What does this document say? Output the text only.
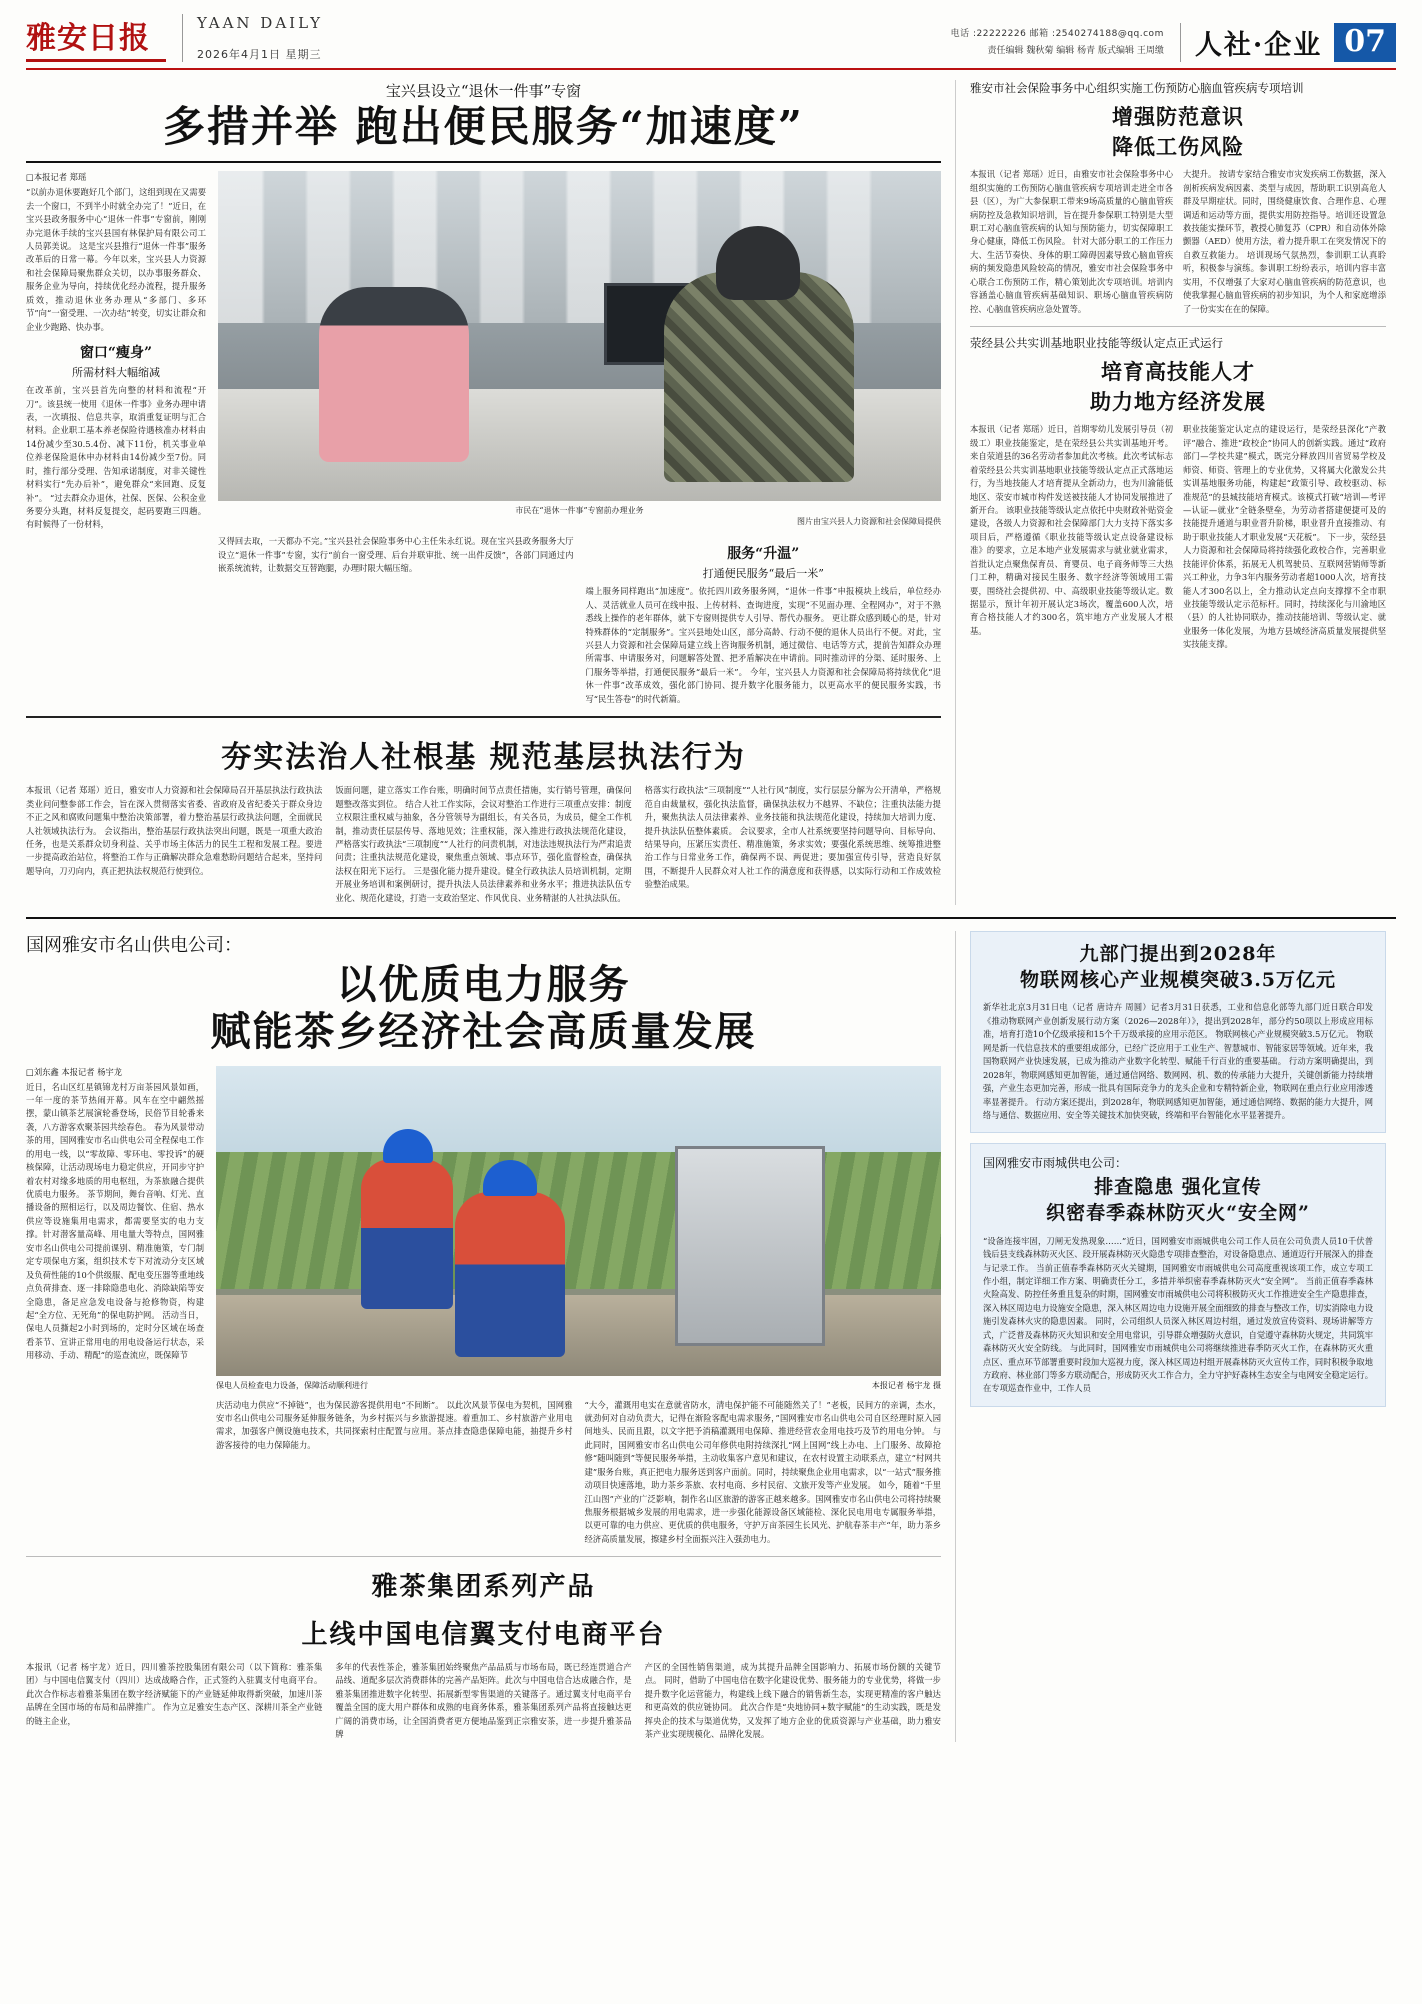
雅安日报	YAAN DAILY
2026年4月1日 星期三
电话 :22222226 邮箱 :2540274188@qq.com
责任编辑 魏秋菊 编辑 杨青 版式编辑 王周缴 人社·企业 07
宝兴县设立“退休一件事”专窗
多措并举 跑出便民服务“加速度”
□本报记者 郑瑶
“以前办退休要跑好几个部门，这组到现在又需要去一个窗口，不到半小时就全办完了！”近日，在宝兴县政务服务中心“退休一件事”专窗前，刚刚办完退休手续的宝兴县国有林保护局有限公司工人员郭美说。 这是宝兴县推行“退休一件事”服务改革后的日常一幕。今年以来，宝兴县人力资源和社会保障局聚焦群众关切，以办事服务群众、服务企业为导向，持续优化经办流程，提升服务质效，推动退休业务办理从“多部门、多环节”向“一窗受理、一次办结”转变，切实让群众和企业少跑路、快办事。
窗口“瘦身”
所需材料大幅缩减
在改革前，宝兴县首先向整的材料和流程“开刀”。该县统一使用《退休一件事》业务办理申请表，一次填报、信息共享，取消重复证明与汇合材料。企业职工基本养老保险待遇核准办材料由14份减少至30.5.4份、减下11份，机关事业单位养老保险退休申办材料由14份减少至7份。同时，推行部分受理、告知承诺制度，对非关键性材料实行“先办后补”，避免群众“来回跑、反复补”。 “过去群众办退休，社保、医保、公积金业务要分头跑，材料反复提交，起码要跑三四趟。有时候得了一份材料，
市民在“退休一件事”专窗前办理业务
图片由宝兴县人力资源和社会保障局提供
又得回去取，一天都办不完。”宝兴县社会保险事务中心主任朱永红说。现在宝兴县政务服务大厅设立“退休一件事”专窗，实行“前台一窗受理、后台并联审批、统一出件反馈”，各部门同通过内嵌系统流转，让数据交互替跑腿，办理时限大幅压缩。
服务“升温”
打通便民服务“最后一米”
端上服务同样跑出“加速度”。依托四川政务服务网，“退休一件事”申报模块上线后，单位经办人、灵活就业人员可在线申报、上传材料、查询进度，实现“不见面办理、全程网办”，对于不熟悉线上操作的老年群体，就下专窗则提供专人引导、帮代办服务。 更让群众感到暖心的是，针对特殊群体的“定制服务”。宝兴县地处山区，部分高龄、行动不便的退休人员出行不便。对此，宝兴县人力资源和社会保障局建立线上咨询服务机制，通过微信、电话等方式，提前告知群众办理所需事、申请服务对，问题解答处置、把矛盾解决在申请前。同时推动评的分渠、延时服务、上门服务等举措，打通便民服务“最后一米”。 今年，宝兴县人力资源和社会保障局将持续优化“退休一件事”改革成效，强化部门协同、提升数字化服务能力，以更高水平的便民服务实践，书写“民生答卷”的时代新篇。
夯实法治人社根基 规范基层执法行为
本报讯（记者 郑瑶）近日，雅安市人力资源和社会保障局召开基层执法行政执法类业问问整参部工作会，旨在深入贯彻落实省委、省政府及省纪委关于群众身边不正之风和腐败问题集中整治决策部署，着力整治基层行政执法问题，全面就民人社领域执法行为。 会议指出，整治基层行政执法突出问题，既是一项重大政治任务，也是关系群众切身利益、关乎市场主体活力的民生工程和发展工程。要进一步提高政治站位，将整治工作与正确解决群众急难愁盼问题结合起来，坚持问题导向，刀刃向内，真正把执法权规范行使到位。
饭面问题，建立落实工作台账，明确时间节点责任措施，实行销号管理，确保问题整改落实到位。 结合人社工作实际，会议对整治工作进行三项重点安排：制度立权限注重权威与抽象，各分管领导为副组长，有关各员，为成员，健全工作机制，推动责任层层传导、落地见效；注重权能，深入推进行政执法规范化建设，严格落实行政执法“三项制度”“人社行的问责机制，对违法违规执法行为严肃追责问责；注重执法规范化建设，聚焦重点领域、事点环节，强化监督检查，确保执法权在阳光下运行。 三是强化能力提升建设。健全行政执法人员培训机制，定期开展业务培训和案例研讨，提升执法人员法律素养和业务水平；推进执法队伍专业化、规范化建设，打造一支政治坚定、作风优良、业务精湛的人社执法队伍。
格落实行政执法“三项制度”“人社行风”制度，实行层层分解为公开清单，严格规范自由裁量权，强化执法监督，确保执法权力不越界、不缺位；注重执法能力提升，聚焦执法人员法律素养、业务技能和执法规范化建设，持续加大培训力度、提升执法队伍整体素质。 会议要求，全市人社系统要坚持问题导向、目标导向、结果导向，压紧压实责任、精准施策，务求实效；要强化系统思维、统筹推进整治工作与日常业务工作，确保两不误、两促进；要加强宣传引导，营造良好氛围，不断提升人民群众对人社工作的满意度和获得感，以实际行动和工作成效检验整治成果。
雅安市社会保险事务中心组织实施工伤预防心脑血管疾病专项培训
增强防范意识
降低工伤风险
本报讯（记者 郑瑶）近日，由雅安市社会保险事务中心组织实施的工伤预防心脑血管疾病专项培训走进全市各县（区），为广大参保职工带来9场高质量的心脑血管疾病防控及急救知识培训，旨在提升参保职工特别是大型职工对心脑血管疾病的认知与预防能力，切实保障职工身心健康，降低工伤风险。 针对大部分职工的工作压力大、生活节奏快、身体的职工障碍因素导致心脑血管疾病的频发隐患风险较高的情况，雅安市社会保险事务中心联合工伤预防工作，精心策划此次专项培训。培训内容涵盖心脑血管疾病基础知识、职场心脑血管疾病防控、心脑血管疾病应急处置等。
大提升。 按请专家结合雅安市灾发疾病工伤数据，深入剖析疾病发病因素、类型与成因，帮助职工识别高危人群及早期症状。同时，围绕健康饮食、合理作息、心理调适和运动等方面，提供实用防控指导。培训还设置急救技能实操环节，教授心肺复苏（CPR）和自动体外除颤器（AED）使用方法，着力提升职工在突发情况下的自救互救能力。 培训现场气氛热烈，参训职工认真聆听，积极参与演练。参训职工纷纷表示，培训内容丰富实用，不仅增强了大家对心脑血管疾病的防范意识，也使我掌握心脑血管疾病的初步知识，为个人和家庭增添了一份实实在在的保障。
荥经县公共实训基地职业技能等级认定点正式运行
培育高技能人才
助力地方经济发展
本报讯（记者 郑瑶）近日，首期零幼儿发展引导员（初级工）职业技能鉴定，是在荥经县公共实训基地开考。来自荥道县的36名劳动者参加此次考核。此次考试标志着荥经县公共实训基地职业技能等级认定点正式落地运行，为当地技能人才培育提从全新动力，也为川渝能低地区、荥安市城市构件发送被技能人才协同发展推进了新开台。 该职业技能等级认定点依托中央财政补贴资金建设，各级人力资源和社会保障部门大力支持下落实多项目后，严格遵循《职业技能等级认定点设备建设标准》的要求，立足本地产业发展需求与就业就业需求，首批认定点聚焦保育员、育婴员、电子商务师等三大热门工种，精确对接民生服务、数字经济等领域用工需要，围绕社会提供初、中、高级职业技能等级认定。数据显示，预计年初开展认定3场次，覆盖600人次，培育合格技能人才约300名，筑牢地方产业发展人才根基。
职业技能鉴定认定点的建设运行，是荥经县深化“产教评”融合、推进“政校企”协同人的创新实践。通过“政府部门—学校共建”模式，既完分释放四川省贸易学校及师资、师资、管理上的专业优势，又将属大化激发公共实训基地服务功能，构建起“政策引导、政校驱动、标准规范”的县城技能培育模式。该模式打破“培训—考评—认证—就业”全链条壁垒，为劳动者搭建便捷可及的技能提升通道与职业晋升阶梯，职业晋升直接推动、有助于职业技能人才职业发展“天花板”。 下一步，荥经县人力资源和社会保障局将持续强化政校合作，完善职业技能评价体系，拓展无人机驾驶员、互联网营销师等新兴工种业，力争3年内服务劳动者超1000人次，培育技能人才300名以上，全力推动认定点向支撑撑不全市职业技能等级认定示范标杆。同时，持续深化与川渝地区（县）的人社协同联办，推动技能培训、等级认定、就业服务一体化发展，为地方县域经济高质量发展提供坚实技能支撑。
国网雅安市名山供电公司：
以优质电力服务
赋能茶乡经济社会高质量发展
□刘东鑫 本报记者 杨宇龙
近日，名山区红星镇锦龙村万亩茶园风景如画，一年一度的茶节热闹开幕。风车在空中翩然摇摆，蒙山镇茶艺展演轮番登场，民俗节目轮番来袭，八方游客欢聚茶园共绘春色。 春为风景带动茶的用，国网雅安市名山供电公司全程保电工作的用电一线，以“零故障、零环电、零投诉”的硬核保障，让活动现场电力稳定供应，开同步守护着农村对缘多地质的用电枢纽，为茶旅融合提供优质电力服务。 茶节期间，舞台音响、灯光、直播设备的照相运行，以及周边餐饮、住宿、热水供应等设施集用电需求，都需要坚实的电力支撑。针对潜客量高峰、用电量大等特点，国网雅安市名山供电公司提前课别、精准施策，专门制定专项保电方案，组织技术专下对流动分支区域及负荷性能的10个供级服、配电变压器等重地线点负荷排查、逐一排除隐患电化、消除缺陷等安全隐患，备足应急发电设备与抢修物资，构建起“全方位、无死角”的保电防护网。 活动当日，保电人员撕起2小时到场的，定时分区域在场查看茶节、宣讲正常用电的用电设备运行状态，采用移动、手动、精配“的巡查流应，既保障节
保电人员检查电力设备，保障活动顺利进行	本报记者 杨宇龙 摄
庆活动电力供应“不掉链”，也为保民游客提供用电“不间断”。 以此次风景节保电为契机，国网雅安市名山供电公司服务延伸服务链条，为乡村振兴与乡旅游提速。着重加工、乡村旅游产业用电需求，加强客户侧设施电技术，共同探索村庄配置与应用。茶点排查隐患保障电能，抽提升乡村游客接待的电力保障能力。
“大今，灌溉用电实在意就省防水，清电保护能不可能随然关了！”老板，民间方的亲调，杰水，就劲何对自动负责大，记得在渐险客配电需求服务，”国网雅安市名山供电公司自区经理时原入园间地头、民而且跟，以文字把予消稿灌溉用电保障、推进经营农金用电技巧及节约用电分钟。 与此同时，国网雅安市名山供电公司年修供电附持续深扎“网上国网”线上办电、上门服务、故障抢修“随叫随到”等便民服务举措，主动收集客户意见和建议，在农村设置主动联系点，建立“村网共建”服务台账，真正把电力服务送到客户面前。同时，持续聚焦企业用电需求，以“一站式”服务推动项目快速落地，助力茶乡茶旅、农村电商、乡村民宿、文旅开发等产业发展。 如今，随着“千里江山图”产业的广泛影响，制作名山区旅游的游客正越来越多。国网雅安市名山供电公司将持续聚焦服务根据城乡发展的用电需求，进一步强化能源设备区域能检、深化民电用电专属服务举措，以更可靠的电力供应、更优质的供电服务，守护万亩茶园生长风光、护航春茶丰产“年，助力茶乡经济高质量发展，擦建乡村全面振兴注入强劲电力。
雅茶集团系列产品
上线中国电信翼支付电商平台
本报讯（记者 杨宇龙）近日，四川雅茶控股集团有限公司（以下简称：雅茶集团）与中国电信翼支付（四川）达成战略合作，正式签约入驻翼支付电商平台。此次合作标志着雅茶集团在数字经济赋能下的产业链延伸取得新突破，加速川茶品牌在全国市场的布局和品牌推广。 作为立足雅安生态产区、深耕川茶全产业链的链主企业，
多年的代表性茶企，雅茶集团始终聚焦产品品质与市场布局，既已经连贯道合产品线、道配多层次消费群体的完善产品矩阵。此次与中国电信合达成融合作，是雅茶集团推进数字化转型、拓展新型零售渠道的关键落子。通过翼支付电商平台覆盖全国的庞大用户群体和成熟的电商务体系，雅茶集团系列产品将直接触达更广阔的消费市场，让全国消费者更方便地品鉴到正宗雅安茶，进一步提升雅茶品牌
产区的全国性销售渠道，成为其提升品牌全国影响力、拓展市场份额的关键节点。 同时，借助了中国电信在数字化建设优势、服务能力的专业优势，将做一步提升数字化运营能力，构建线上线下融合的销售新生态，实现更精准的客户触达和更高效的供应链协同。 此次合作是“央地协同+数字赋能”的生动实践，既是发挥央企的技术与渠道优势，又发挥了地方企业的优质资源与产业基础，助力雅安茶产业实现规模化、品牌化发展。
九部门提出到2028年
物联网核心产业规模突破3.5万亿元
新华社北京3月31日电（记者 唐诗卉 周圆）记者3月31日获悉，工业和信息化部等九部门近日联合印发《推动物联网产业创新发展行动方案（2026—2028年）》，提出到2028年，部分约50项以上形成应用标准，培育打造10个亿级承接和15个千万级承接的应用示范区。 物联网核心产业规模突破3.5万亿元。 物联网是新一代信息技术的重要组成部分，已经广泛应用于工业生产、智慧城市、智能家居等领域。近年来，我国物联网产业快速发展，已成为推动产业数字化转型、赋能千行百业的重要基础。 行动方案明确提出，到2028年，物联网感知更加智能，通过通信网络、数网网、机、数的传承能力大提升，关键创新能力持续增强，产业生态更加完善，形成一批具有国际竞争力的龙头企业和专精特新企业，物联网在重点行业应用渗透率显著提升。 行动方案还提出，到2028年，物联网感知更加智能，通过通信网络、数据的能力大提升，网络与通信、数据应用、安全等关键技术加快突破，终端和平台智能化水平显著提升。
国网雅安市雨城供电公司：
排查隐患 强化宣传
织密春季森林防灭火“安全网”
“设备连接牢固，刀闸无发热现象……”近日，国网雅安市雨城供电公司工作人员在公司负责人员10千伏普钱后县支线森林防灭火区、段开展森林防灭火隐患专项排查整治，对设备隐患点、通道迈行开展深入的排查与记录工作。 当前正值春季森林防灭火关键期，国网雅安市雨城供电公司高度重视该项工作，成立专项工作小组，制定详细工作方案、明确责任分工，多措并举织密春季森林防灭火“安全网”。 当前正值春季森林火险高发、防控任务重且复杂的时期，国网雅安市雨城供电公司将积极防灭火工作推进安全生产隐患排查，深入林区周边电力设施安全隐患，深入林区周边电力设施开展全面细致的排查与整改工作，切实消除电力设施引发森林火灾的隐患因素。 同时，公司组织人员深入林区周边村组，通过发放宣传资料、现场讲解等方式，广泛普及森林防灭火知识和安全用电常识，引导群众增强防火意识，自觉遵守森林防火规定，共同筑牢森林防灭火安全防线。 与此同时，国网雅安市雨城供电公司将继续推进春季防灭火工作，在森林防灭火重点区、重点环节部署重要时段加大巡视力度，深入林区周边村组开展森林防灭火宣传工作，同时积极争取地方政府、林业部门等多方联动配合，形成防灭火工作合力，全力守护好森林生态安全与电网安全稳定运行。 在专项巡查作业中，工作人员
